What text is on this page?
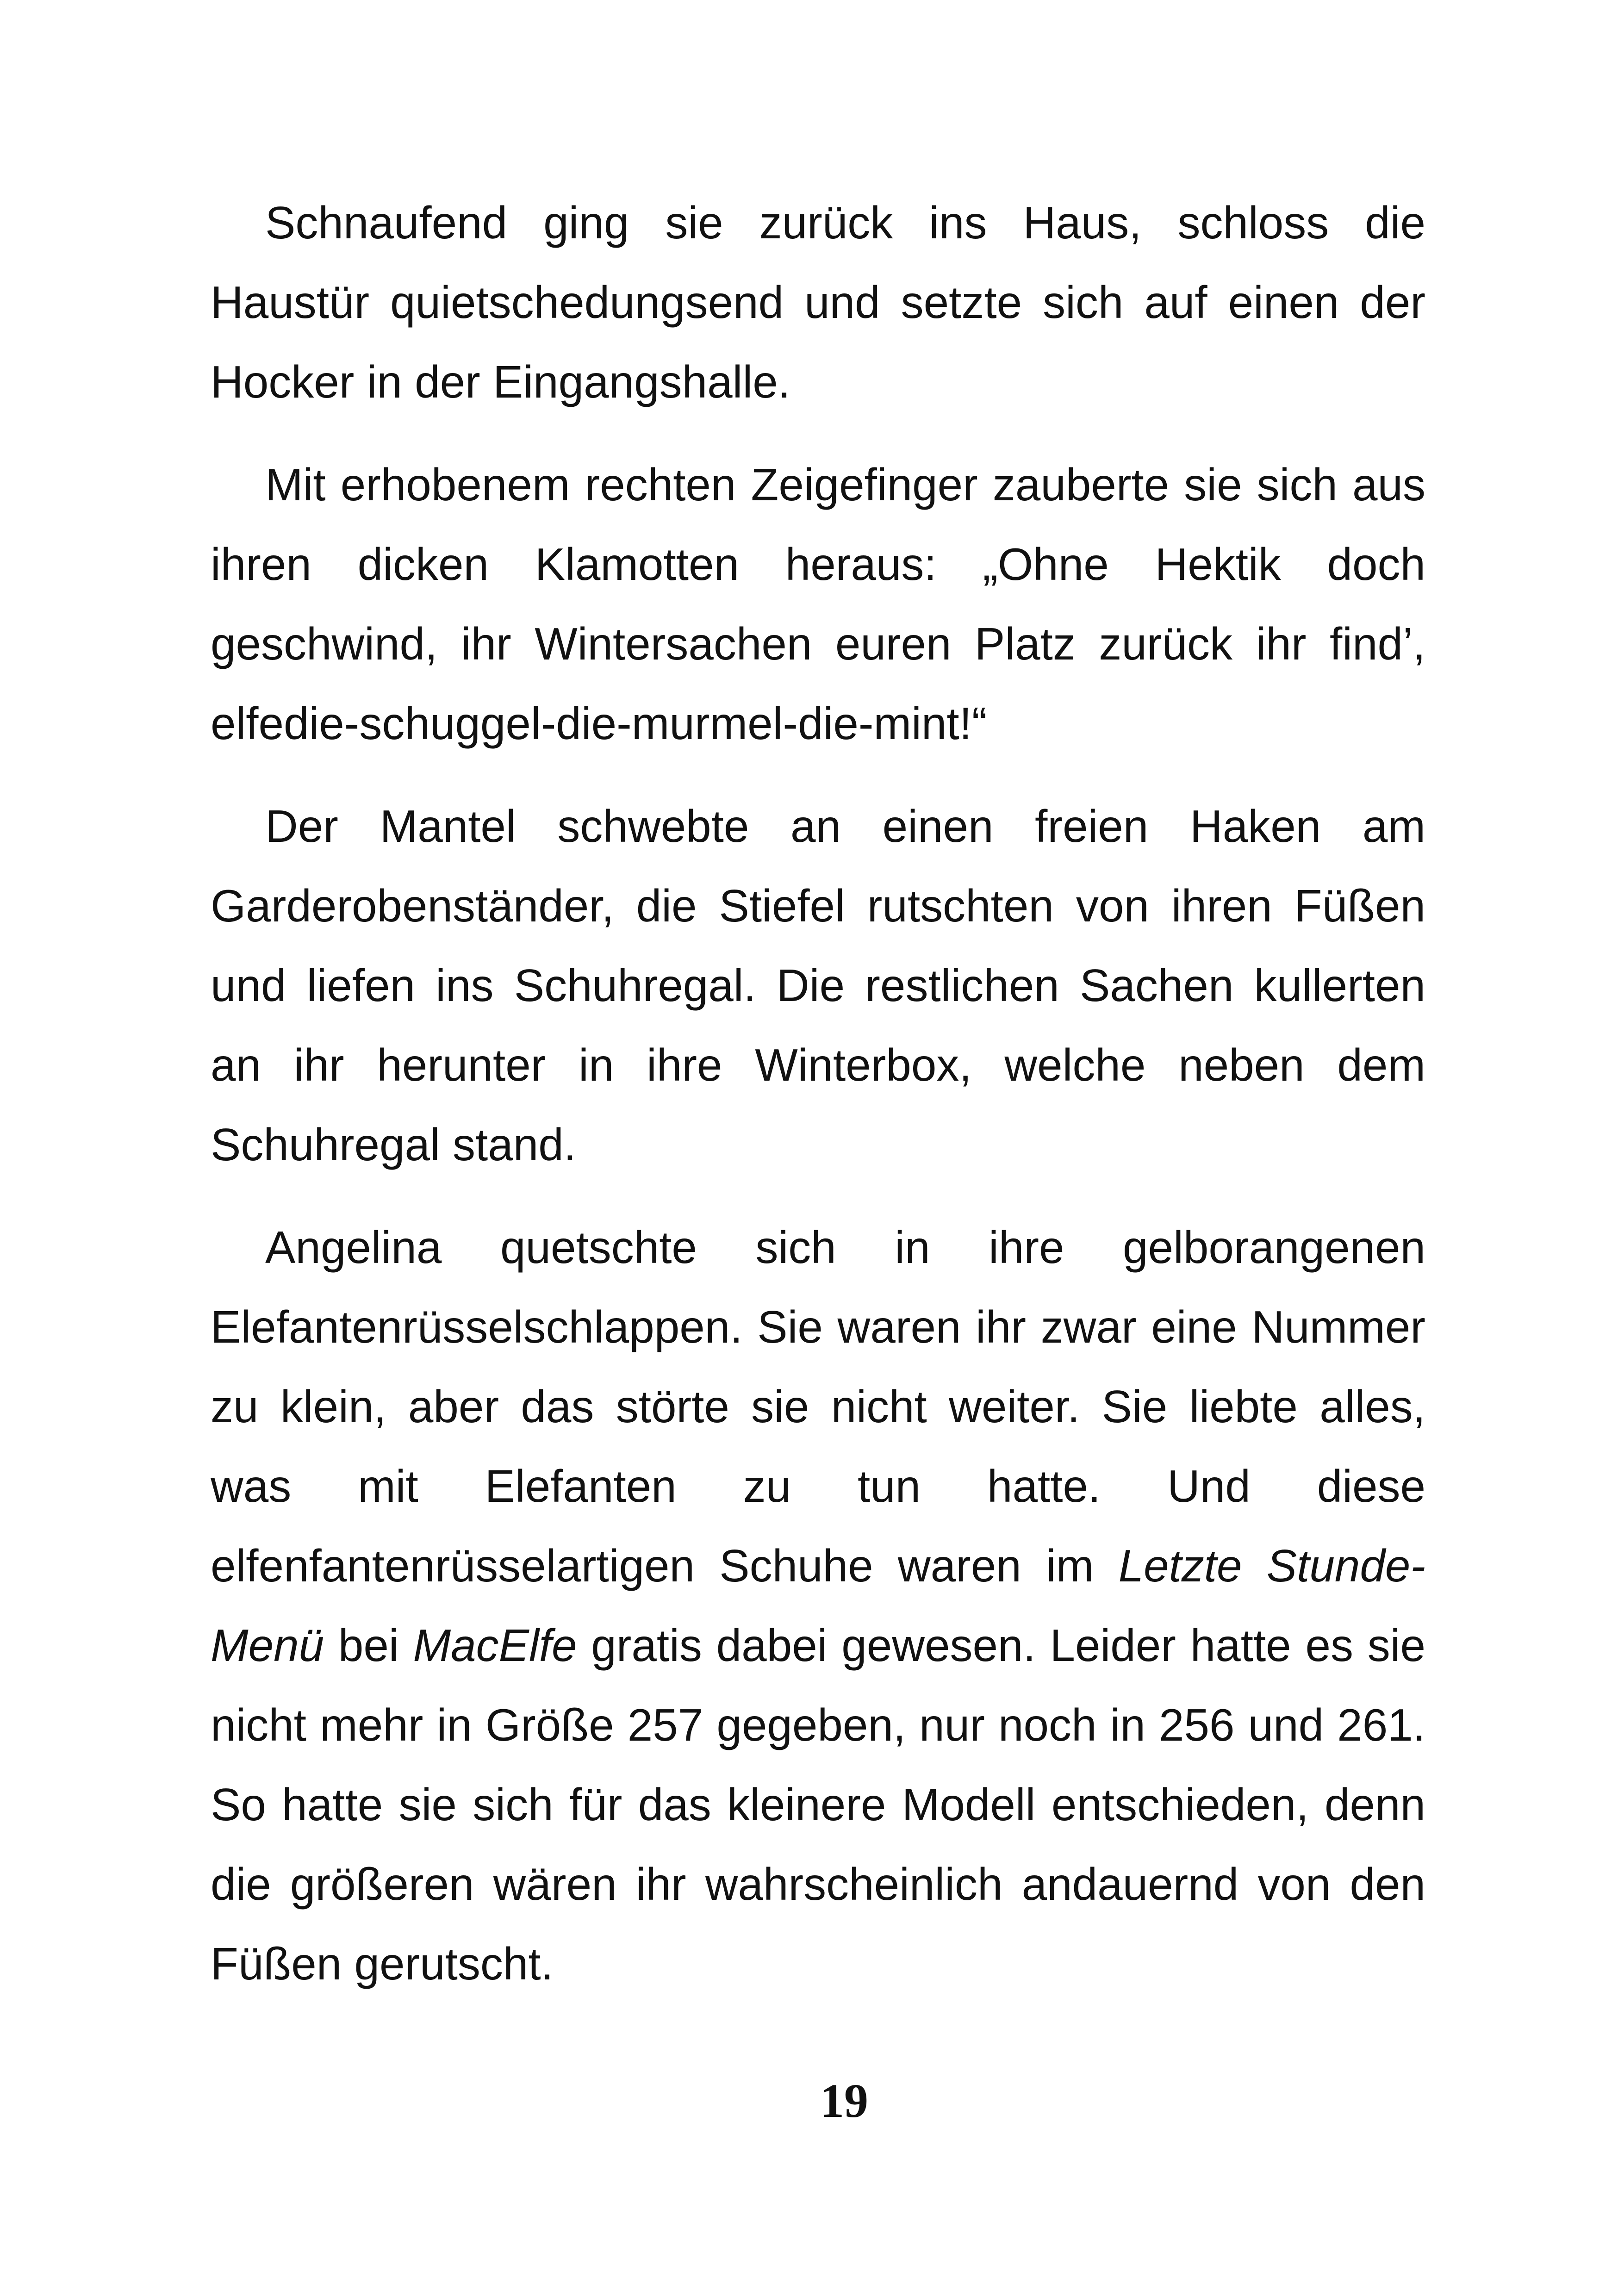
Schnaufend ging sie zurück ins Haus, schloss die Haustür quietschedungsend und setzte sich auf einen der Hocker in der Eingangshalle.

Mit erhobenem rechten Zeigefinger zauberte sie sich aus ihren dicken Klamotten heraus: „Ohne Hektik doch geschwind, ihr Wintersachen euren Platz zurück ihr find’, elfedie-schuggel-die-murmel-die-mint!“

Der Mantel schwebte an einen freien Haken am Garderobenständer, die Stiefel rutschten von ihren Füßen und liefen ins Schuhregal. Die restlichen Sachen kullerten an ihr herunter in ihre Winterbox, welche neben dem Schuhregal stand.

Angelina quetschte sich in ihre gelborangenen Elefantenrüsselschlappen. Sie waren ihr zwar eine Nummer zu klein, aber das störte sie nicht weiter. Sie liebte alles, was mit Elefanten zu tun hatte. Und diese elfenfantenrüsselartigen Schuhe waren im Letzte Stunde-Menü bei MacElfe gratis dabei gewesen. Leider hatte es sie nicht mehr in Größe 257 gegeben, nur noch in 256 und 261. So hatte sie sich für das kleinere Modell entschieden, denn die größeren wären ihr wahrscheinlich andauernd von den Füßen gerutscht.

19
